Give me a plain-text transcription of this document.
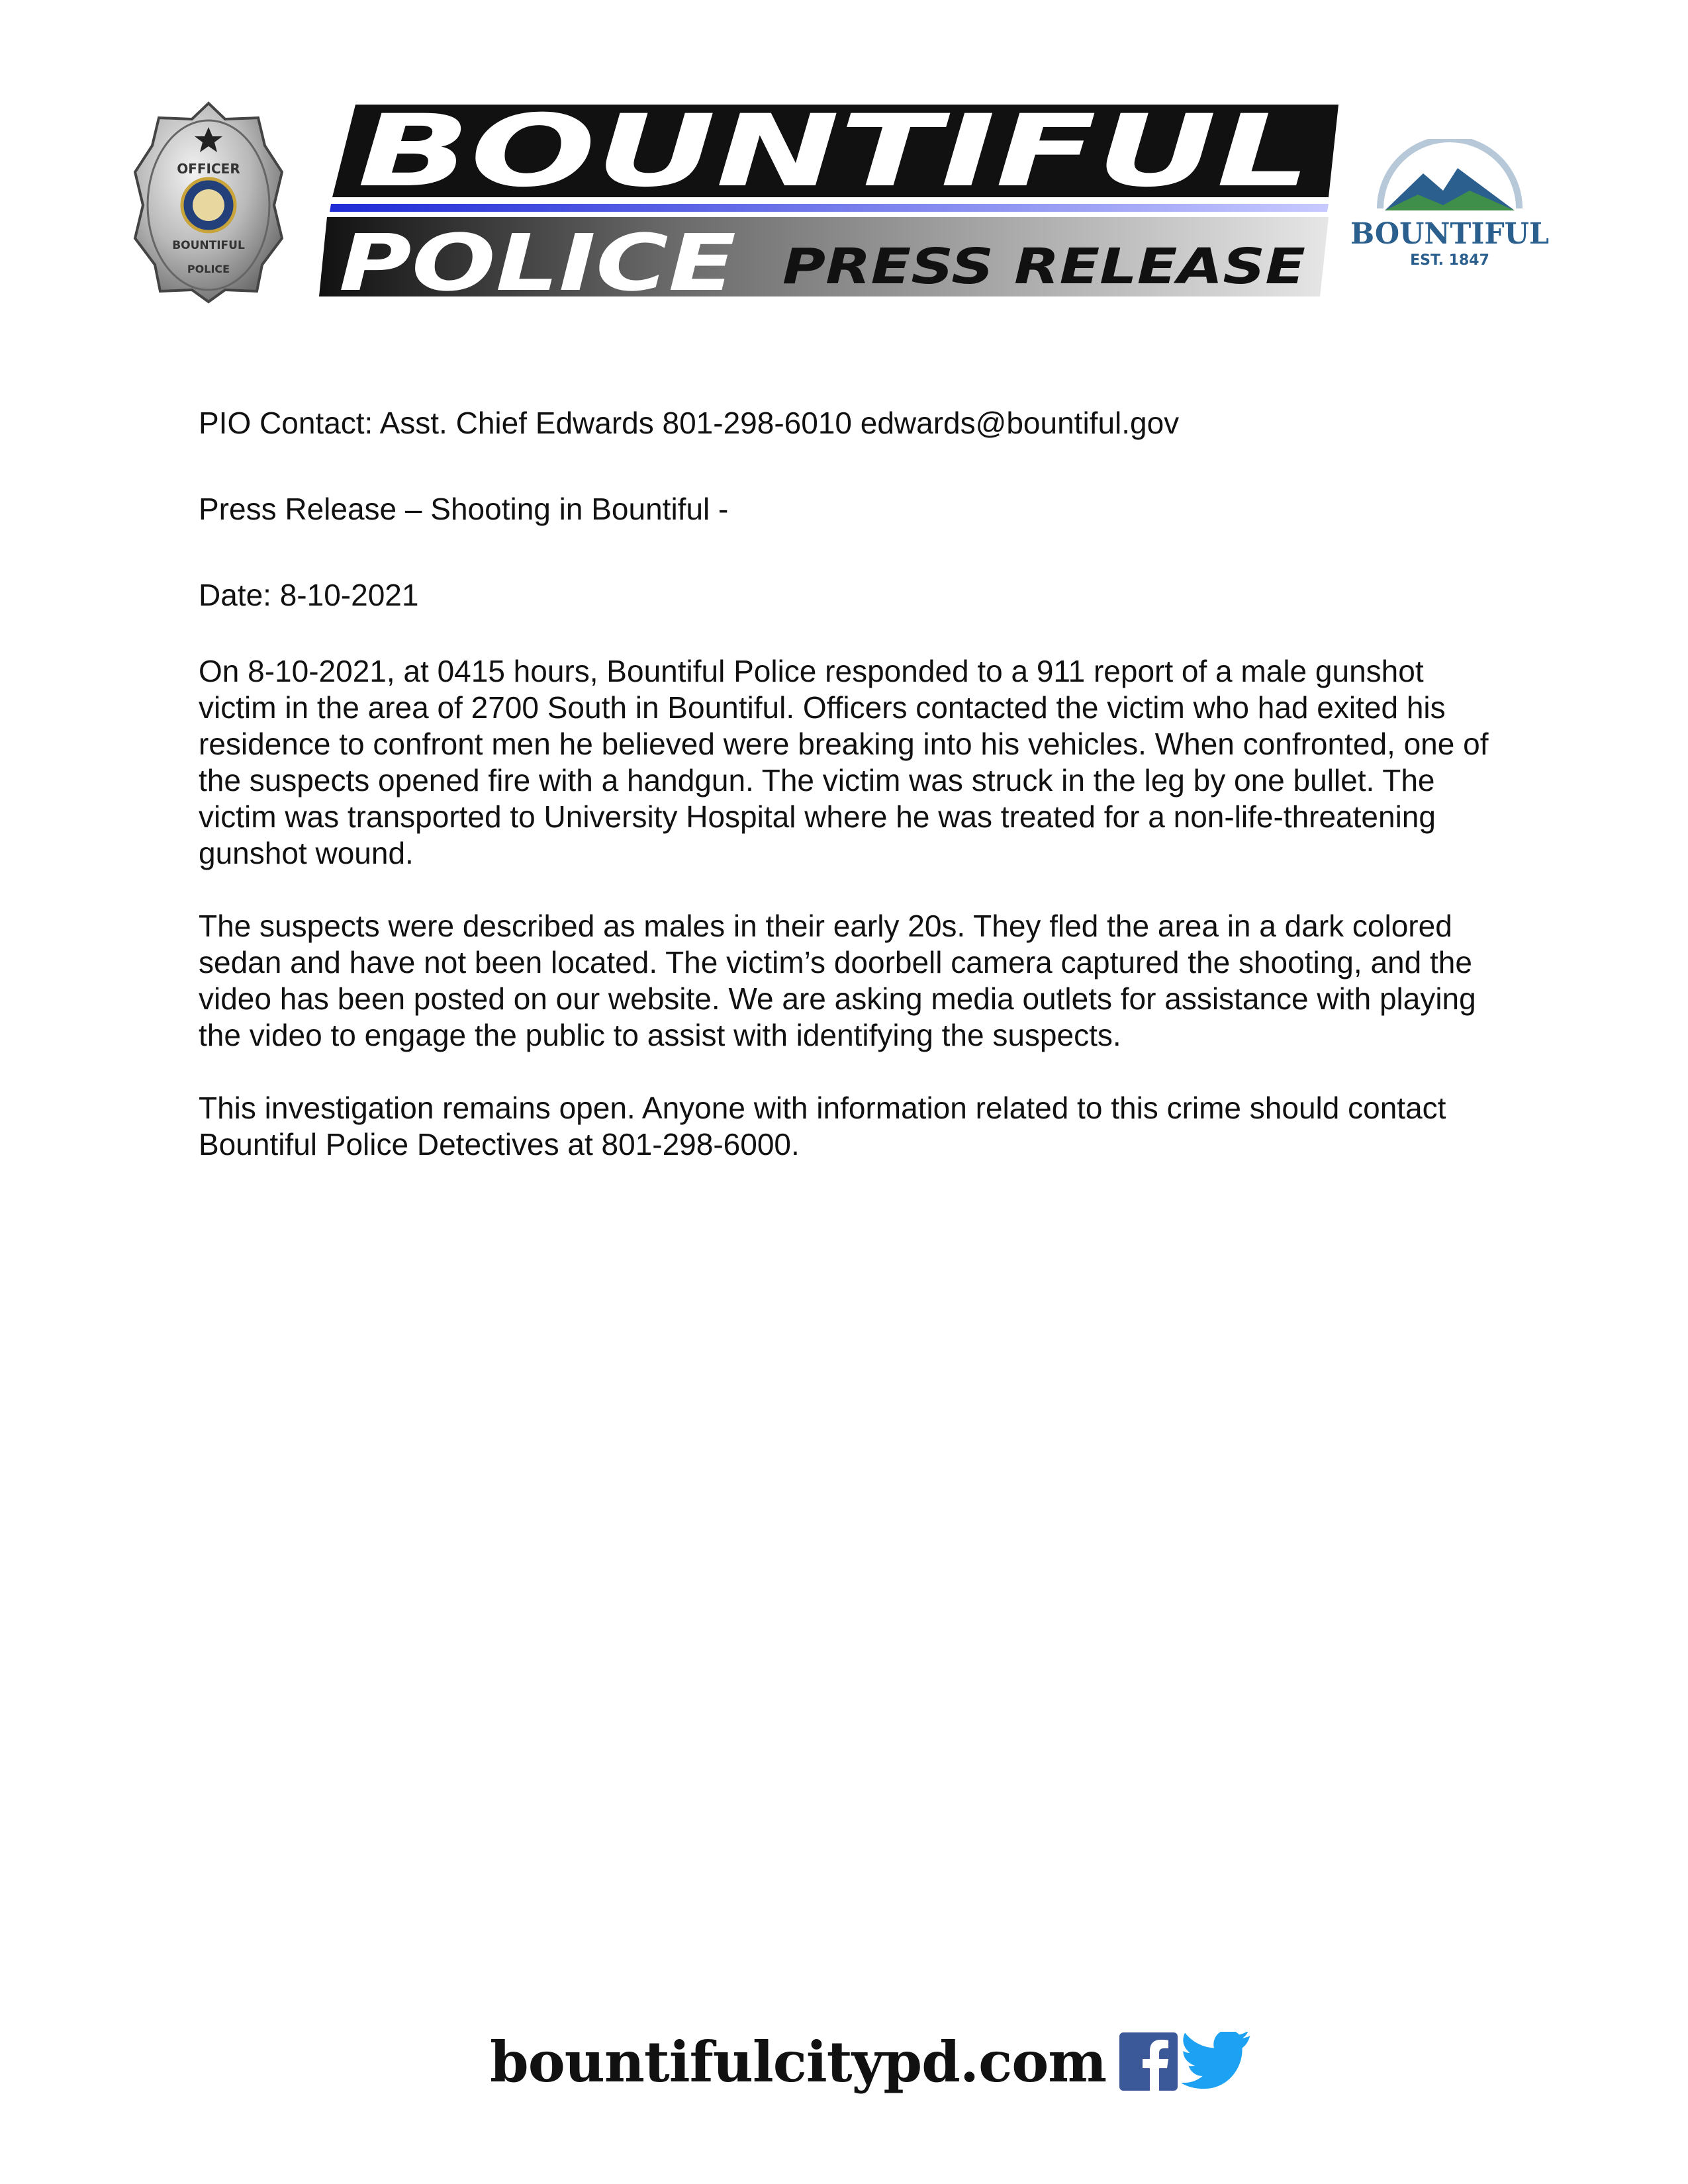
OFFICER
BOUNTIFUL
POLICE
BOUNTIFUL
POLICE PRESS RELEASE
BOUNTIFUL
EST. 1847

PIO Contact: Asst. Chief Edwards 801-298-6010 edwards@bountiful.gov

Press Release – Shooting in Bountiful -

Date: 8-10-2021

On 8-10-2021, at 0415 hours, Bountiful Police responded to a 911 report of a male gunshot victim in the area of 2700 South in Bountiful. Officers contacted the victim who had exited his residence to confront men he believed were breaking into his vehicles. When confronted, one of the suspects opened fire with a handgun. The victim was struck in the leg by one bullet. The victim was transported to University Hospital where he was treated for a non-life-threatening gunshot wound.

The suspects were described as males in their early 20s. They fled the area in a dark colored sedan and have not been located. The victim’s doorbell camera captured the shooting, and the video has been posted on our website. We are asking media outlets for assistance with playing the video to engage the public to assist with identifying the suspects.

This investigation remains open. Anyone with information related to this crime should contact Bountiful Police Detectives at 801-298-6000.

bountifulcitypd.com
